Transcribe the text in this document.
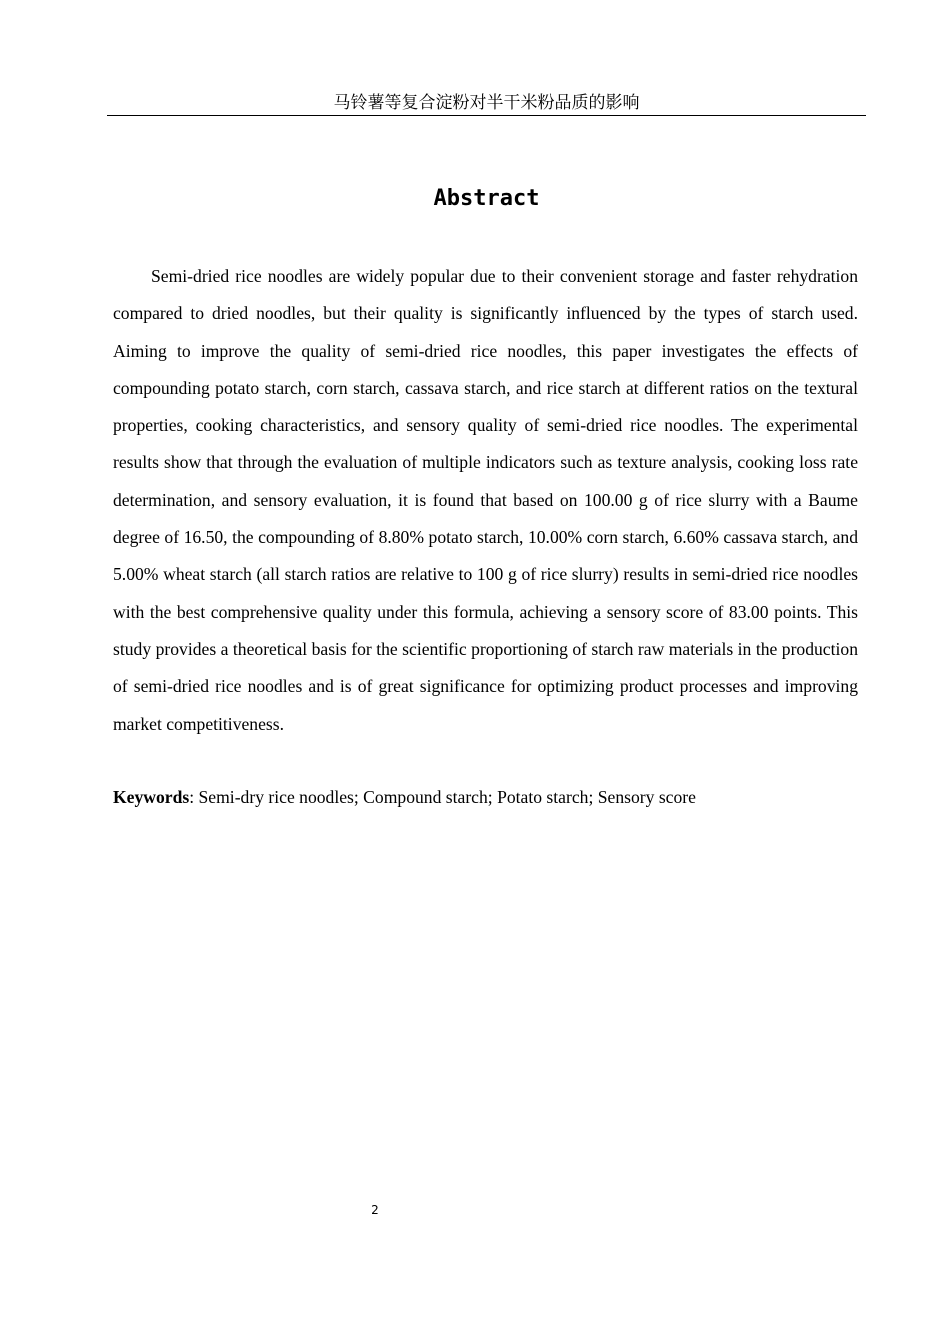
马铃薯等复合淀粉对半干米粉品质的影响
Abstract

Semi-dried rice noodles are widely popular due to their convenient storage and faster rehydration compared to dried noodles, but their quality is significantly influenced by the types of starch used. Aiming to improve the quality of semi-dried rice noodles, this paper investigates the effects of compounding potato starch, corn starch, cassava starch, and rice starch at different ratios on the textural properties, cooking characteristics, and sensory quality of semi-dried rice noodles. The experimental results show that through the evaluation of multiple indicators such as texture analysis, cooking loss rate determination, and sensory evaluation, it is found that based on 100.00 g of rice slurry with a Baume degree of 16.50, the compounding of 8.80% potato starch, 10.00% corn starch, 6.60% cassava starch, and 5.00% wheat starch (all starch ratios are relative to 100 g of rice slurry) results in semi-dried rice noodles with the best comprehensive quality under this formula, achieving a sensory score of 83.00 points. This study provides a theoretical basis for the scientific proportioning of starch raw materials in the production of semi-dried rice noodles and is of great significance for optimizing product processes and improving market competitiveness.

Keywords: Semi-dry rice noodles; Compound starch; Potato starch; Sensory score

2
